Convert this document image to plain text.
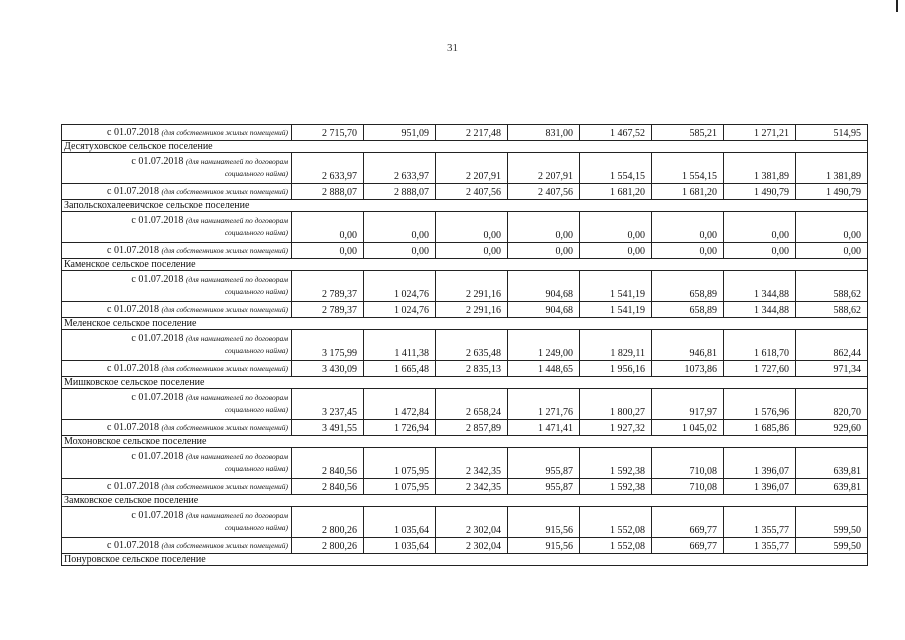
31
с 01.07.2018 (для собственников жилых помещений)	2 715,70	951,09	2 217,48	831,00	1 467,52	585,21	1 271,21	514,95
Десятуховское сельское поселение								
с 01.07.2018 (для нанимателей по договорам
социального найма)	2 633,97	2 633,97	2 207,91	2 207,91	1 554,15	1 554,15	1 381,89	1 381,89
с 01.07.2018 (для собственников жилых помещений)	2 888,07	2 888,07	2 407,56	2 407,56	1 681,20	1 681,20	1 490,79	1 490,79
Запольскохалеевичское сельское поселение								
с 01.07.2018 (для нанимателей по договорам
социального найма)	0,00	0,00	0,00	0,00	0,00	0,00	0,00	0,00
с 01.07.2018 (для собственников жилых помещений)	0,00	0,00	0,00	0,00	0,00	0,00	0,00	0,00
Каменское сельское поселение								
с 01.07.2018 (для нанимателей по договорам
социального найма)	2 789,37	1 024,76	2 291,16	904,68	1 541,19	658,89	1 344,88	588,62
с 01.07.2018 (для собственников жилых помещений)	2 789,37	1 024,76	2 291,16	904,68	1 541,19	658,89	1 344,88	588,62
Меленское сельское поселение								
с 01.07.2018 (для нанимателей по договорам
социального найма)	3 175,99	1 411,38	2 635,48	1 249,00	1 829,11	946,81	1 618,70	862,44
с 01.07.2018 (для собственников жилых помещений)	3 430,09	1 665,48	2 835,13	1 448,65	1 956,16	1073,86	1 727,60	971,34
Мишковское сельское поселение								
с 01.07.2018 (для нанимателей по договорам
социального найма)	3 237,45	1 472,84	2 658,24	1 271,76	1 800,27	917,97	1 576,96	820,70
с 01.07.2018 (для собственников жилых помещений)	3 491,55	1 726,94	2 857,89	1 471,41	1 927,32	1 045,02	1 685,86	929,60
Мохоновское сельское поселение								
с 01.07.2018 (для нанимателей по договорам
социального найма)	2 840,56	1 075,95	2 342,35	955,87	1 592,38	710,08	1 396,07	639,81
с 01.07.2018 (для собственников жилых помещений)	2 840,56	1 075,95	2 342,35	955,87	1 592,38	710,08	1 396,07	639,81
Замковское сельское поселение								
с 01.07.2018 (для нанимателей по договорам
социального найма)	2 800,26	1 035,64	2 302,04	915,56	1 552,08	669,77	1 355,77	599,50
с 01.07.2018 (для собственников жилых помещений)	2 800,26	1 035,64	2 302,04	915,56	1 552,08	669,77	1 355,77	599,50
Понуровское сельское поселение								
